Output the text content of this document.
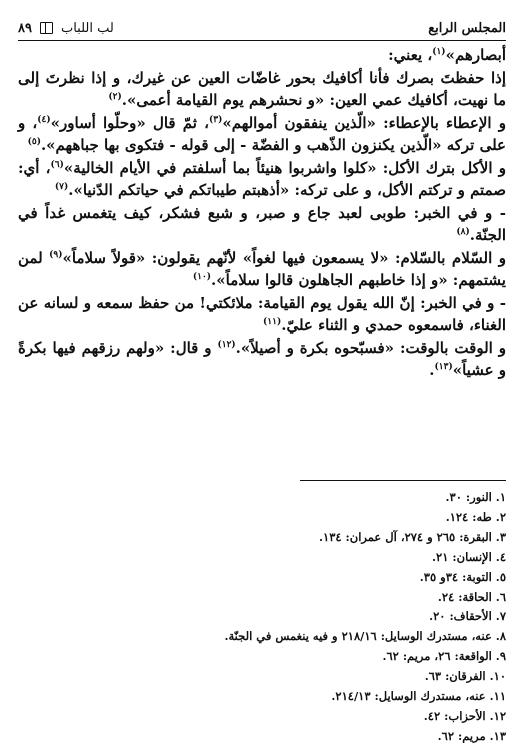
المجلس الرابع
لب اللباب
٨٩

أبصارهم»$^{(١)}$، يعني:

إذا حفظتَ بصرك فأنا أكافيك بحور غاضّات العين عن غيرك، و إذا نظرتَ إلى ما نهيت، أكافيك عمي العين: «و نحشرهم يوم القيامة أعمى».$^{(٢)}$

و الإعطاء بالإعطاء: «الّذين ينفقون أموالهم»$^{(٣)}$، ثمّ قال «وحلّوا أساور»$^{(٤)}$، و على تركه «الّذين يكنزون الذّهب و الفضّة - إلى قوله - فتكوى بها جباههم».$^{(٥)}$

و الأكل بترك الأكل: «كلوا واشربوا هنيئاً بما أسلفتم في الأيام الخالية»$^{(٦)}$، أي: صمتم و تركتم الأكل، و على تركه: «أذهبتم طيباتكم في حياتكم الدّنيا».$^{(٧)}$

- و في الخبر: طوبى لعبد جاع و صبر، و شبع فشكر، كيف يتغمس غداً في الجنّة.$^{(٨)}$

و السّلام بالسّلام: «لا يسمعون فيها لغواً» لأنّهم يقولون: «قولاً سلاماً»$^{(٩)}$ لمن يشتمهم: «و إذا خاطبهم الجاهلون قالوا سلاماً».$^{(١٠)}$

- و في الخبر: إنّ الله يقول يوم القيامة: ملائكتي! من حفظ سمعه و لسانه عن الغناء، فاسمعوه حمدي و الثناء عليّ.$^{(١١)}$

و الوقت بالوقت: «فسبّحوه بكرة و أصيلاً».$^{(١٢)}$ و قال: «ولهم رزقهم فيها بكرةً و عشياً»$^{(١٣)}$.

١. النور: ٣٠.
٢. طه: ١٢٤.
٣. البقرة: ٢٦٥ و ٢٧٤، آل عمران: ١٣٤.
٤. الإنسان: ٢١.
٥. التوبة: ٣٤و ٣٥.
٦. الحاقة: ٢٤.
٧. الأحقاف: ٢٠.
٨. عنه، مستدرك الوسايل: ٢١٨/١٦ و فيه ينغمس في الجنّة.
٩. الواقعة: ٢٦، مريم: ٦٢.
١٠. الفرقان: ٦٣.
١١. عنه، مستدرك الوسايل: ٢١٤/١٣.
١٢. الأحزاب: ٤٢.
١٣. مريم: ٦٢.
